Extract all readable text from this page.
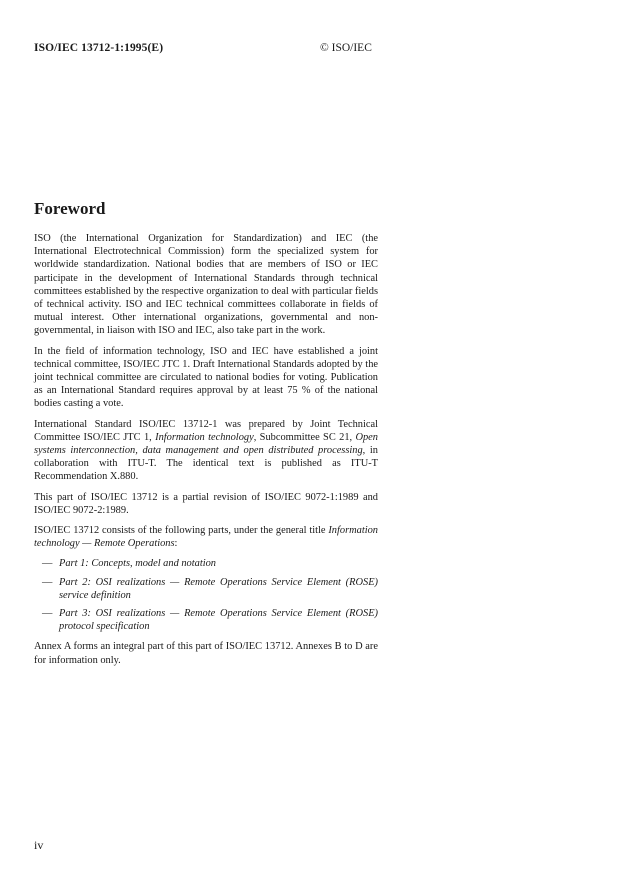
ISO/IEC 13712-1:1995(E)	© ISO/IEC
Foreword

ISO (the International Organization for Standardization) and IEC (the International Electrotechnical Commission) form the specialized system for worldwide standardization. National bodies that are members of ISO or IEC participate in the development of International Standards through technical committees established by the respective organization to deal with particular fields of technical activity. ISO and IEC technical committees collaborate in fields of mutual interest. Other international organizations, governmental and non-governmental, in liaison with ISO and IEC, also take part in the work.

In the field of information technology, ISO and IEC have established a joint technical committee, ISO/IEC JTC 1. Draft International Standards adopted by the joint technical committee are circulated to national bodies for voting. Publication as an International Standard requires approval by at least 75 % of the national bodies casting a vote.

International Standard ISO/IEC 13712-1 was prepared by Joint Technical Committee ISO/IEC JTC 1, Information technology, Subcommittee SC 21, Open systems interconnection, data management and open distributed processing, in collaboration with ITU-T. The identical text is published as ITU-T Recommendation X.880.

This part of ISO/IEC 13712 is a partial revision of ISO/IEC 9072-1:1989 and ISO/IEC 9072-2:1989.

ISO/IEC 13712 consists of the following parts, under the general title Information technology — Remote Operations:

— Part 1: Concepts, model and notation
— Part 2: OSI realizations — Remote Operations Service Element (ROSE) service definition
— Part 3: OSI realizations — Remote Operations Service Element (ROSE) protocol specification

Annex A forms an integral part of this part of ISO/IEC 13712. Annexes B to D are for information only.

iv
